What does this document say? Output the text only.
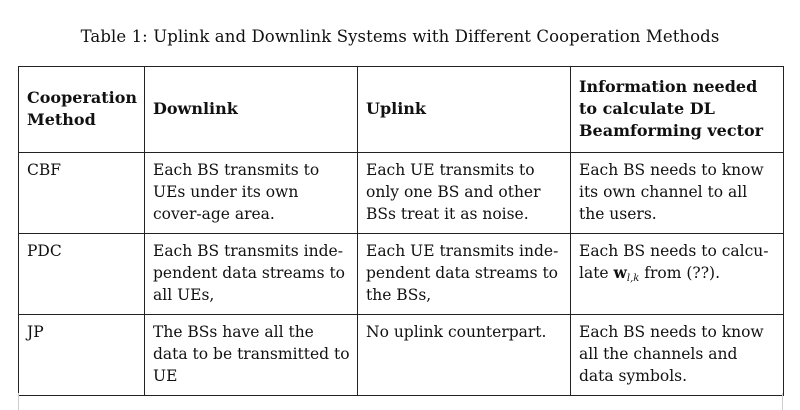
Table 1: Uplink and Downlink Systems with Different Cooperation Methods
Cooperation Method	Downlink	Uplink	Information needed to calculate DL Beamforming vector
CBF	Each BS transmits to UEs under its own cover-age area.	Each UE transmits to only one BS and other BSs treat it as noise.	Each BS needs to know its own channel to all the users.
PDC	Each BS transmits inde-pendent data streams to all UEs,	Each UE transmits inde-pendent data streams to the BSs,	Each BS needs to calcu-late $w_{l,k}$ from (??).
JP	The BSs have all the data to be transmitted to UE	No uplink counterpart.	Each BS needs to know all the channels and data symbols.
